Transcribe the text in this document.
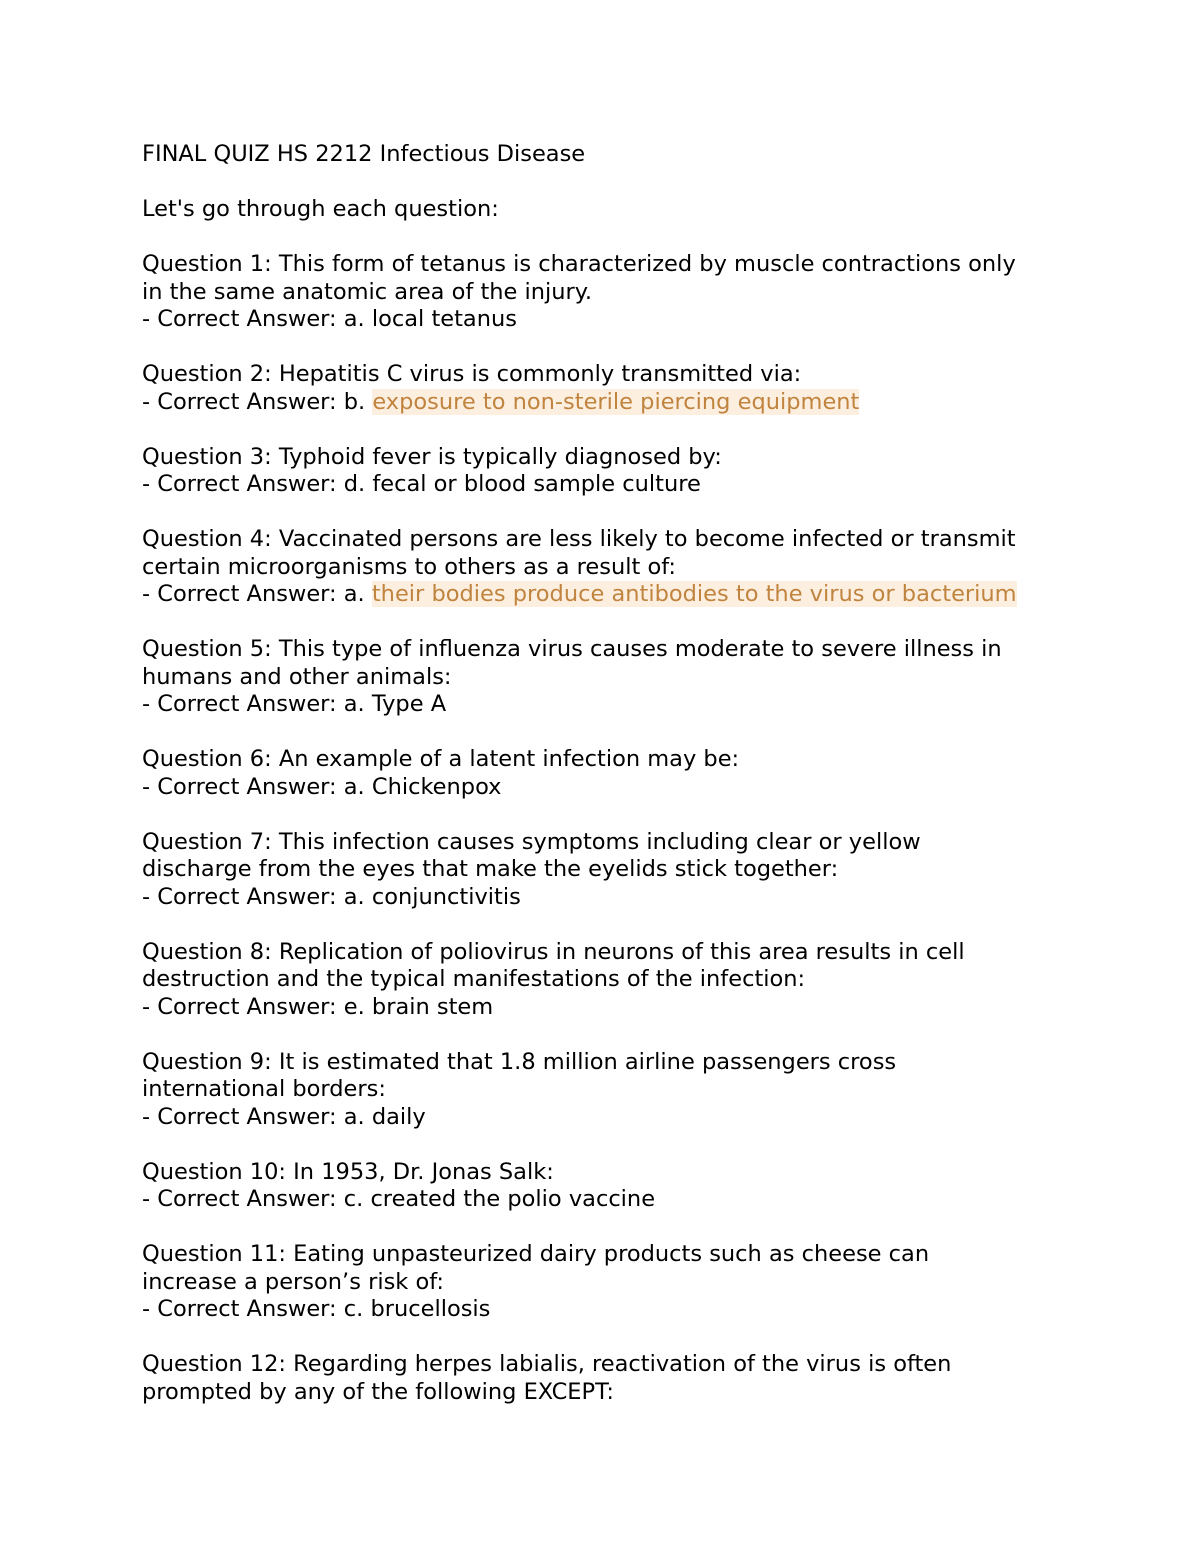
FINAL QUIZ HS 2212 Infectious Disease
Let's go through each question:
Question 1: This form of tetanus is characterized by muscle contractions only
in the same anatomic area of the injury.
- Correct Answer: a. local tetanus
Question 2: Hepatitis C virus is commonly transmitted via:
- Correct Answer: b. exposure to non-sterile piercing equipment
Question 3: Typhoid fever is typically diagnosed by:
- Correct Answer: d. fecal or blood sample culture
Question 4: Vaccinated persons are less likely to become infected or transmit
certain microorganisms to others as a result of:
- Correct Answer: a. their bodies produce antibodies to the virus or bacterium
Question 5: This type of influenza virus causes moderate to severe illness in
humans and other animals:
- Correct Answer: a. Type A
Question 6: An example of a latent infection may be:
- Correct Answer: a. Chickenpox
Question 7: This infection causes symptoms including clear or yellow
discharge from the eyes that make the eyelids stick together:
- Correct Answer: a. conjunctivitis
Question 8: Replication of poliovirus in neurons of this area results in cell
destruction and the typical manifestations of the infection:
- Correct Answer: e. brain stem
Question 9: It is estimated that 1.8 million airline passengers cross
international borders:
- Correct Answer: a. daily
Question 10: In 1953, Dr. Jonas Salk:
- Correct Answer: c. created the polio vaccine
Question 11: Eating unpasteurized dairy products such as cheese can
increase a person’s risk of:
- Correct Answer: c. brucellosis
Question 12: Regarding herpes labialis, reactivation of the virus is often
prompted by any of the following EXCEPT:
